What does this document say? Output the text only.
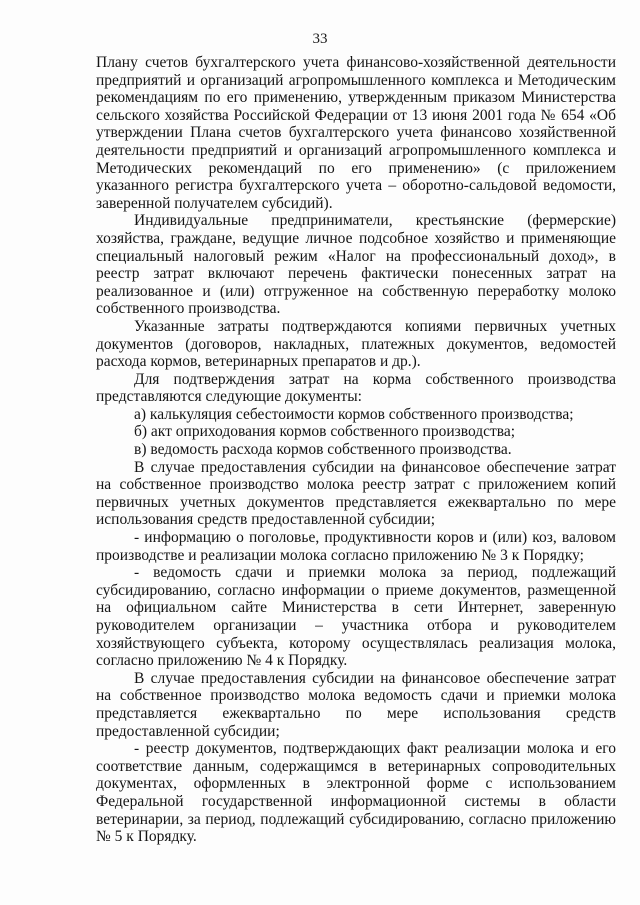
33

Плану счетов бухгалтерского учета финансово-хозяйственной деятельности предприятий и организаций агропромышленного комплекса и Методическим рекомендациям по его применению, утвержденным приказом Министерства сельского хозяйства Российской Федерации от 13 июня 2001 года № 654 «Об утверждении Плана счетов бухгалтерского учета финансово хозяйственной деятельности предприятий и организаций агропромышленного комплекса и Методических рекомендаций по его применению» (с приложением указанного регистра бухгалтерского учета – оборотно-сальдовой ведомости, заверенной получателем субсидий).

Индивидуальные предприниматели, крестьянские (фермерские) хозяйства, граждане, ведущие личное подсобное хозяйство и применяющие специальный налоговый режим «Налог на профессиональный доход», в реестр затрат включают перечень фактически понесенных затрат на реализованное и (или) отгруженное на собственную переработку молоко собственного производства.

Указанные затраты подтверждаются копиями первичных учетных документов (договоров, накладных, платежных документов, ведомостей расхода кормов, ветеринарных препаратов и др.).

Для подтверждения затрат на корма собственного производства представляются следующие документы:

а) калькуляция себестоимости кормов собственного производства;

б) акт оприходования кормов собственного производства;

в) ведомость расхода кормов собственного производства.

В случае предоставления субсидии на финансовое обеспечение затрат на собственное производство молока реестр затрат с приложением копий первичных учетных документов представляется ежеквартально по мере использования средств предоставленной субсидии;

- информацию о поголовье, продуктивности коров и (или) коз, валовом производстве и реализации молока согласно приложению № 3 к Порядку;

- ведомость сдачи и приемки молока за период, подлежащий субсидированию, согласно информации о приеме документов, размещенной на официальном сайте Министерства в сети Интернет, заверенную руководителем организации – участника отбора и руководителем хозяйствующего субъекта, которому осуществлялась реализация молока, согласно приложению № 4 к Порядку.

В случае предоставления субсидии на финансовое обеспечение затрат на собственное производство молока ведомость сдачи и приемки молока представляется ежеквартально по мере использования средств предоставленной субсидии;

- реестр документов, подтверждающих факт реализации молока и его соответствие данным, содержащимся в ветеринарных сопроводительных документах, оформленных в электронной форме с использованием Федеральной государственной информационной системы в области ветеринарии, за период, подлежащий субсидированию, согласно приложению № 5 к Порядку.
